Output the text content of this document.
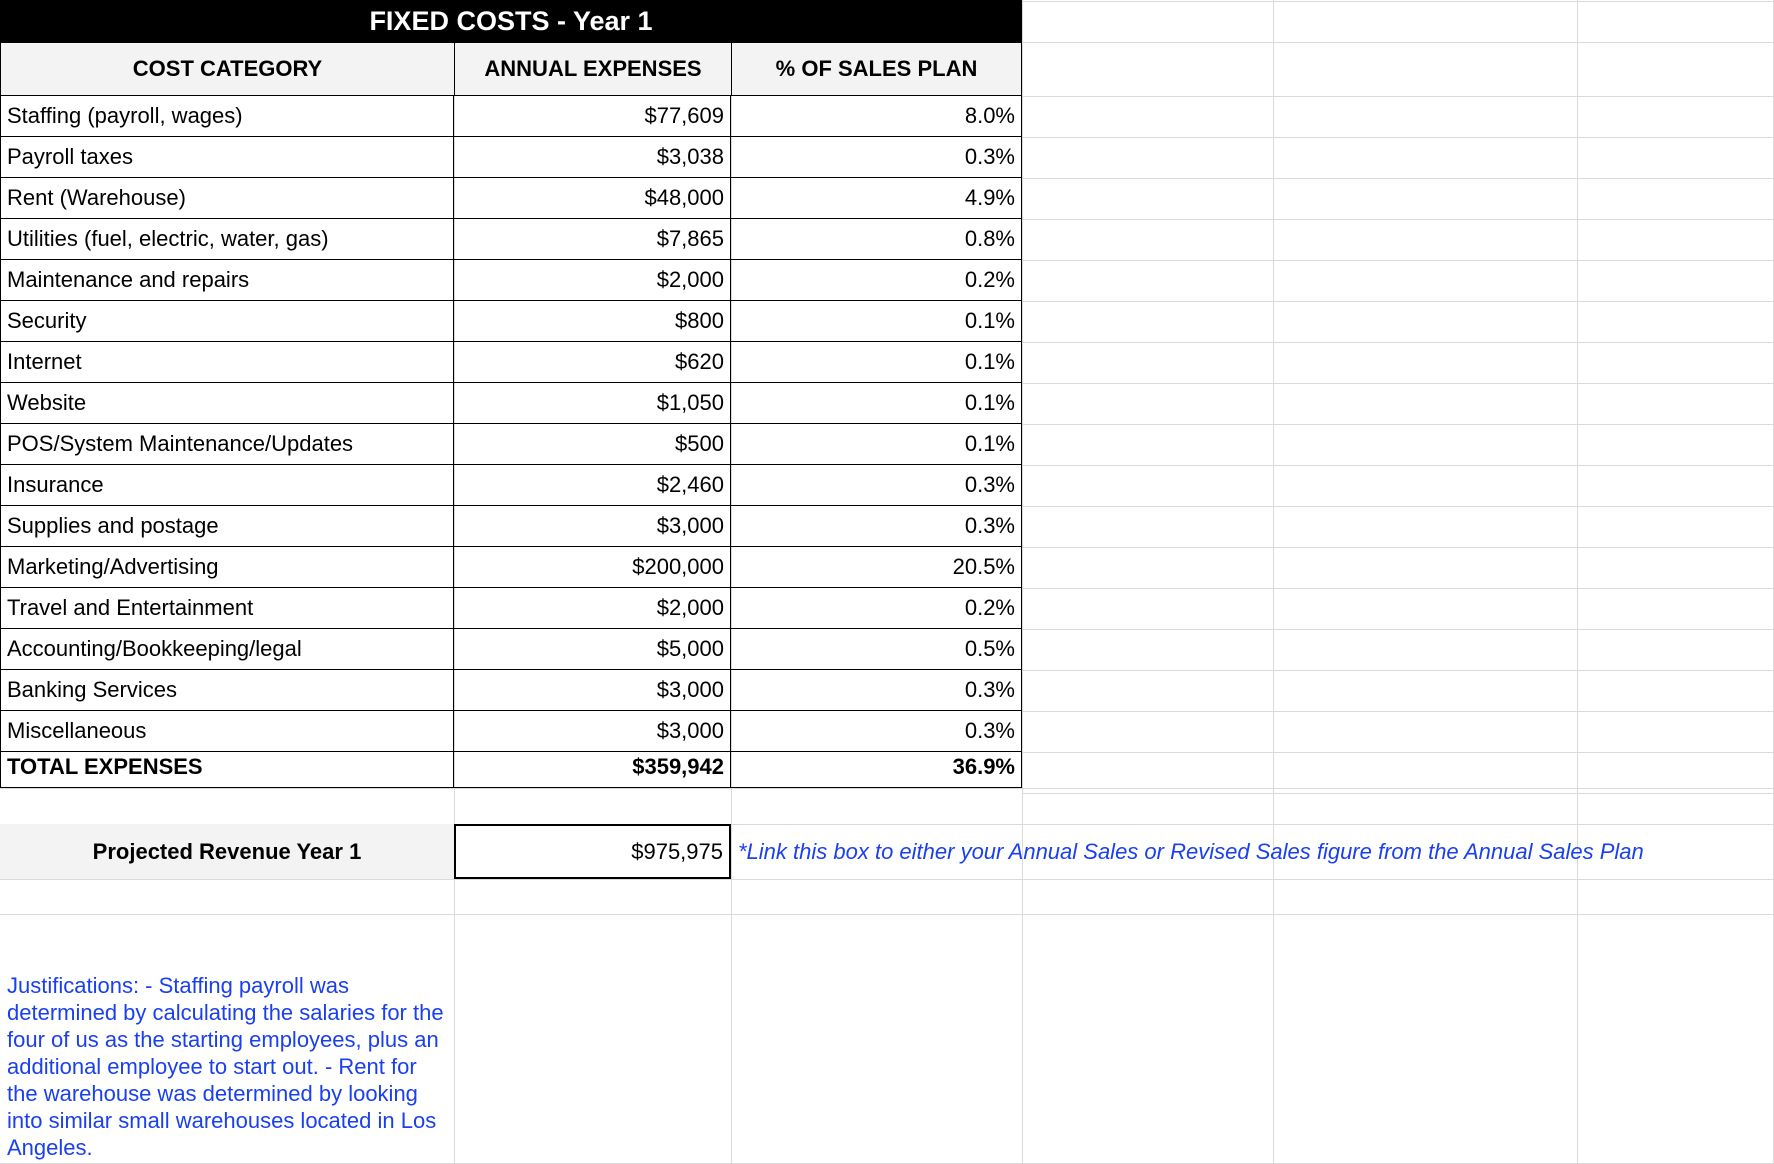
FIXED COSTS - Year 1
COST CATEGORY	ANNUAL EXPENSES	% OF SALES PLAN
Staffing (payroll, wages)	$77,609	8.0%
Payroll taxes	$3,038	0.3%
Rent (Warehouse)	$48,000	4.9%
Utilities (fuel, electric, water, gas)	$7,865	0.8%
Maintenance and repairs	$2,000	0.2%
Security	$800	0.1%
Internet	$620	0.1%
Website	$1,050	0.1%
POS/System Maintenance/Updates	$500	0.1%
Insurance	$2,460	0.3%
Supplies and postage	$3,000	0.3%
Marketing/Advertising	$200,000	20.5%
Travel and Entertainment	$2,000	0.2%
Accounting/Bookkeeping/legal	$5,000	0.5%
Banking Services	$3,000	0.3%
Miscellaneous	$3,000	0.3%
TOTAL EXPENSES	$359,942	36.9%
Projected Revenue Year 1	$975,975 *Link this box to either your Annual Sales or Revised Sales figure from the Annual Sales Plan
Justifications: - Staffing payroll was determined by calculating the salaries for the four of us as the starting employees, plus an additional employee to start out. - Rent for the warehouse was determined by looking into similar small warehouses located in Los Angeles.
